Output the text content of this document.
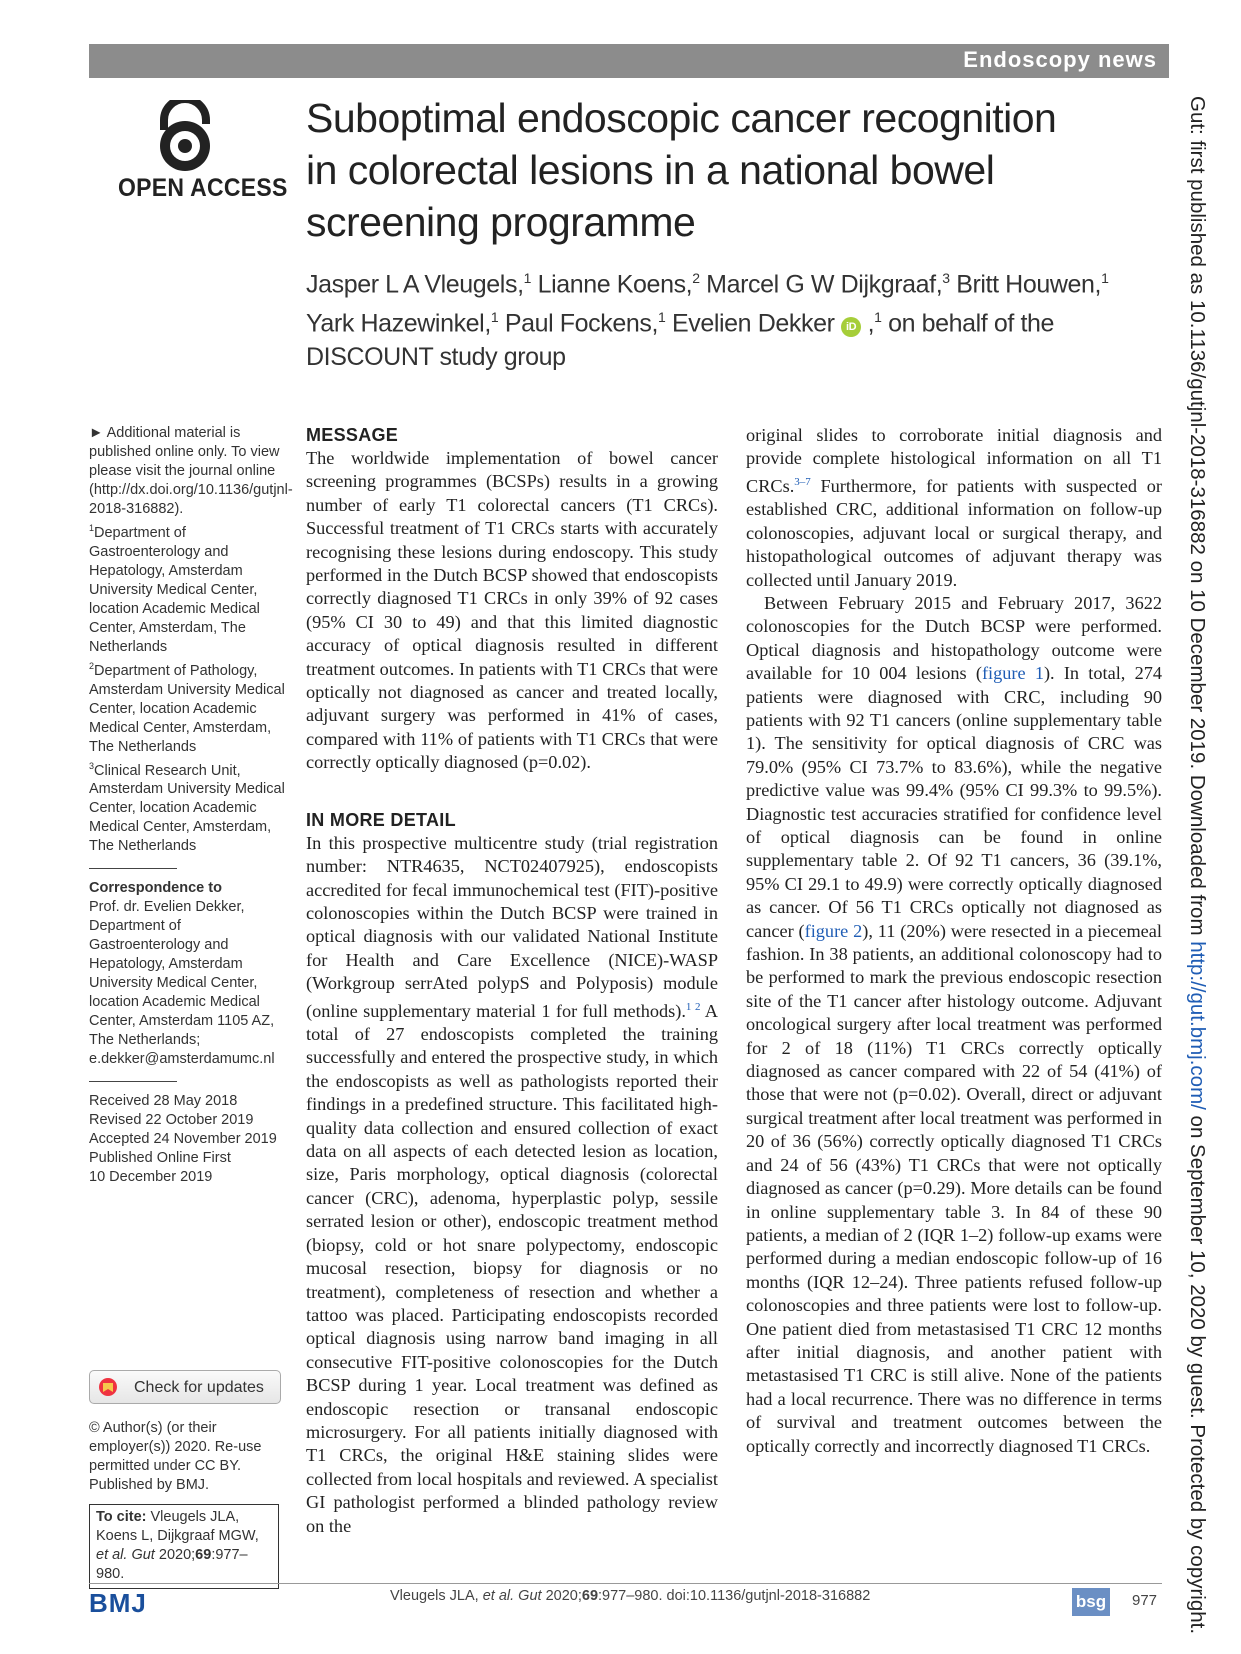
Endoscopy news
OPEN ACCESS
Suboptimal endoscopic cancer recognition in colorectal lesions in a national bowel screening programme
Jasper L A Vleugels,$^1$ Lianne Koens,$^2$ Marcel G W Dijkgraaf,$^3$ Britt Houwen,$^1$
Yark Hazewinkel,$^1$ Paul Fockens,$^1$ Evelien Dekker iD ,$^1$ on behalf of the DISCOUNT study group

► Additional material is published online only. To view please visit the journal online (http://dx.doi.org/10.1136/gutjnl-2018-316882).

$^1$Department of Gastroenterology and Hepatology, Amsterdam University Medical Center, location Academic Medical Center, Amsterdam, The Netherlands

$^2$Department of Pathology, Amsterdam University Medical Center, location Academic Medical Center, Amsterdam, The Netherlands

$^3$Clinical Research Unit, Amsterdam University Medical Center, location Academic Medical Center, Amsterdam, The Netherlands

Correspondence to

Prof. dr. Evelien Dekker, Department of Gastroenterology and Hepatology, Amsterdam University Medical Center, location Academic Medical Center, Amsterdam 1105 AZ, The Netherlands; e.dekker@amsterdamumc.nl

Received 28 May 2018

Revised 22 October 2019

Accepted 24 November 2019

Published Online First

10 December 2019

Check for updates
© Author(s) (or their employer(s)) 2020. Re-use permitted under CC BY. Published by BMJ.
To cite: Vleugels JLA, Koens L, Dijkgraaf MGW, et al. Gut 2020;69:977–980.
MESSAGE

The worldwide implementation of bowel cancer screening programmes (BCSPs) results in a growing number of early T1 colorectal cancers (T1 CRCs). Successful treatment of T1 CRCs starts with accurately recognising these lesions during endoscopy. This study performed in the Dutch BCSP showed that endoscopists correctly diagnosed T1 CRCs in only 39% of 92 cases (95% CI 30 to 49) and that this limited diagnostic accuracy of optical diagnosis resulted in different treatment outcomes. In patients with T1 CRCs that were optically not diagnosed as cancer and treated locally, adjuvant surgery was performed in 41% of cases, compared with 11% of patients with T1 CRCs that were correctly optically diagnosed (p=0.02).

IN MORE DETAIL

In this prospective multicentre study (trial registration number: NTR4635, NCT02407925), endoscopists accredited for fecal immunochemical test (FIT)-positive colonoscopies within the Dutch BCSP were trained in optical diagnosis with our validated National Institute for Health and Care Excellence (NICE)-WASP (Workgroup serrAted polypS and Polyposis) module (online supplementary material 1 for full methods).$^{1 2}$ A total of 27 endoscopists completed the training successfully and entered the prospective study, in which the endoscopists as well as pathologists reported their findings in a predefined structure. This facilitated high-quality data collection and ensured collection of exact data on all aspects of each detected lesion as location, size, Paris morphology, optical diagnosis (colorectal cancer (CRC), adenoma, hyperplastic polyp, sessile serrated lesion or other), endoscopic treatment method (biopsy, cold or hot snare polypectomy, endoscopic mucosal resection, biopsy for diagnosis or no treatment), completeness of resection and whether a tattoo was placed. Participating endoscopists recorded optical diagnosis using narrow band imaging in all consecutive FIT-positive colonoscopies for the Dutch BCSP during 1 year. Local treatment was defined as endoscopic resection or transanal endoscopic microsurgery. For all patients initially diagnosed with T1 CRCs, the original H&E staining slides were collected from local hospitals and reviewed. A specialist GI pathologist performed a blinded pathology review on the

original slides to corroborate initial diagnosis and provide complete histological information on all T1 CRCs.$^{3-7}$ Furthermore, for patients with suspected or established CRC, additional information on follow-up colonoscopies, adjuvant local or surgical therapy, and histopathological outcomes of adjuvant therapy was collected until January 2019.

Between February 2015 and February 2017, 3622 colonoscopies for the Dutch BCSP were performed. Optical diagnosis and histopathology outcome were available for 10 004 lesions (figure 1). In total, 274 patients were diagnosed with CRC, including 90 patients with 92 T1 cancers (online supplementary table 1). The sensitivity for optical diagnosis of CRC was 79.0% (95% CI 73.7% to 83.6%), while the negative predictive value was 99.4% (95% CI 99.3% to 99.5%). Diagnostic test accuracies stratified for confidence level of optical diagnosis can be found in online supplementary table 2. Of 92 T1 cancers, 36 (39.1%, 95% CI 29.1 to 49.9) were correctly optically diagnosed as cancer. Of 56 T1 CRCs optically not diagnosed as cancer (figure 2), 11 (20%) were resected in a piecemeal fashion. In 38 patients, an additional colonoscopy had to be performed to mark the previous endoscopic resection site of the T1 cancer after histology outcome. Adjuvant oncological surgery after local treatment was performed for 2 of 18 (11%) T1 CRCs correctly optically diagnosed as cancer compared with 22 of 54 (41%) of those that were not (p=0.02). Overall, direct or adjuvant surgical treatment after local treatment was performed in 20 of 36 (56%) correctly optically diagnosed T1 CRCs and 24 of 56 (43%) T1 CRCs that were not optically diagnosed as cancer (p=0.29). More details can be found in online supplementary table 3. In 84 of these 90 patients, a median of 2 (IQR 1–2) follow-up exams were performed during a median endoscopic follow-up of 16 months (IQR 12–24). Three patients refused follow-up colonoscopies and three patients were lost to follow-up. One patient died from metastasised T1 CRC 12 months after initial diagnosis, and another patient with metastasised T1 CRC is still alive. None of the patients had a local recurrence. There was no difference in terms of survival and treatment outcomes between the optically correctly and incorrectly diagnosed T1 CRCs.

Gut: first published as 10.1136/gutjnl-2018-316882 on 10 December 2019. Downloaded from http://gut.bmj.com/ on September 10, 2020 by guest. Protected by copyright.
BMJ	Vleugels JLA, et al. Gut 2020;69:977–980. doi:10.1136/gutjnl-2018-316882	bsg 977
